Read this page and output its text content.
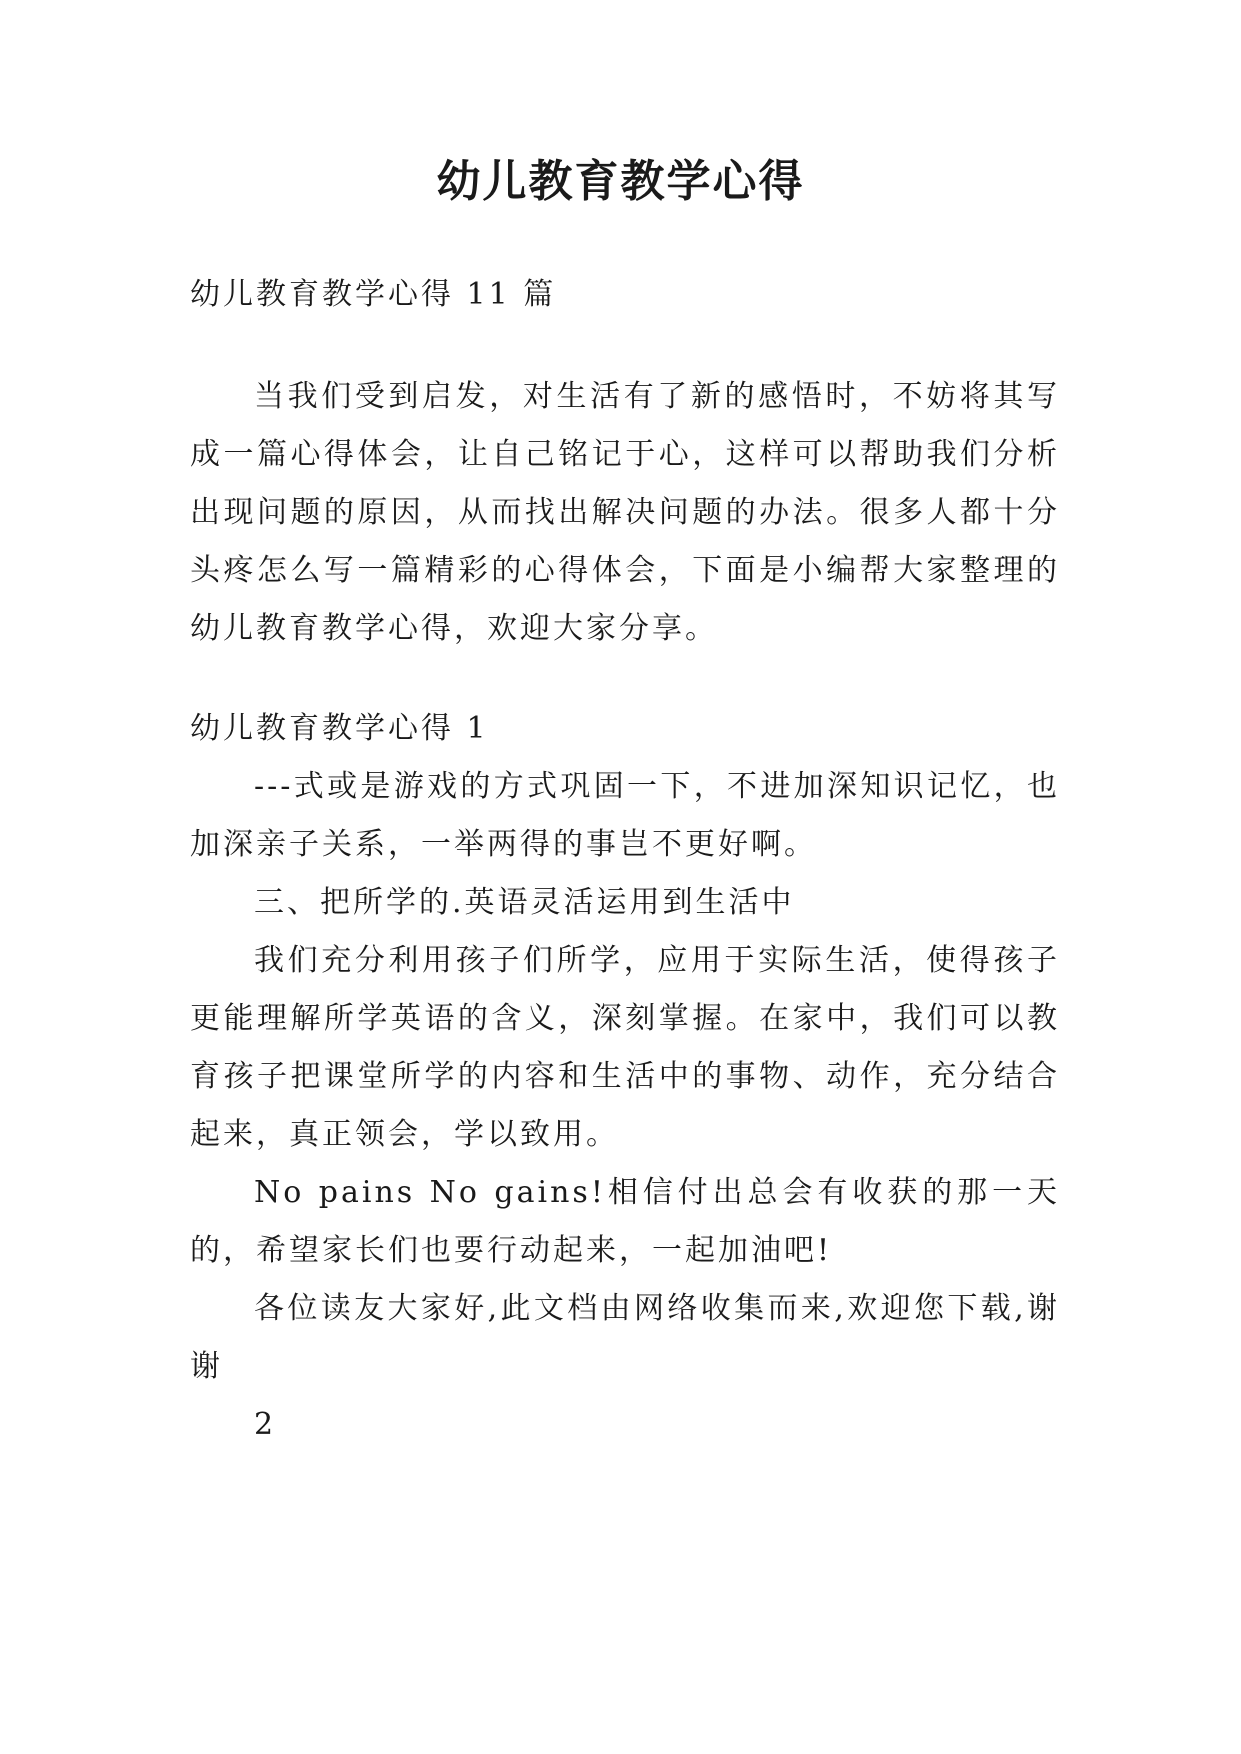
幼儿教育教学心得

幼儿教育教学心得 11 篇

当我们受到启发，对生活有了新的感悟时，不妨将其写成一篇心得体会，让自己铭记于心，这样可以帮助我们分析出现问题的原因，从而找出解决问题的办法。很多人都十分头疼怎么写一篇精彩的心得体会，下面是小编帮大家整理的幼儿教育教学心得，欢迎大家分享。

幼儿教育教学心得 1

---式或是游戏的方式巩固一下，不进加深知识记忆，也加深亲子关系，一举两得的事岂不更好啊。

三、把所学的.英语灵活运用到生活中

我们充分利用孩子们所学，应用于实际生活，使得孩子更能理解所学英语的含义，深刻掌握。在家中，我们可以教育孩子把课堂所学的内容和生活中的事物、动作，充分结合起来，真正领会，学以致用。

No pains No gains!相信付出总会有收获的那一天的，希望家长们也要行动起来，一起加油吧!

各位读友大家好,此文档由网络收集而来,欢迎您下载,谢谢

2
